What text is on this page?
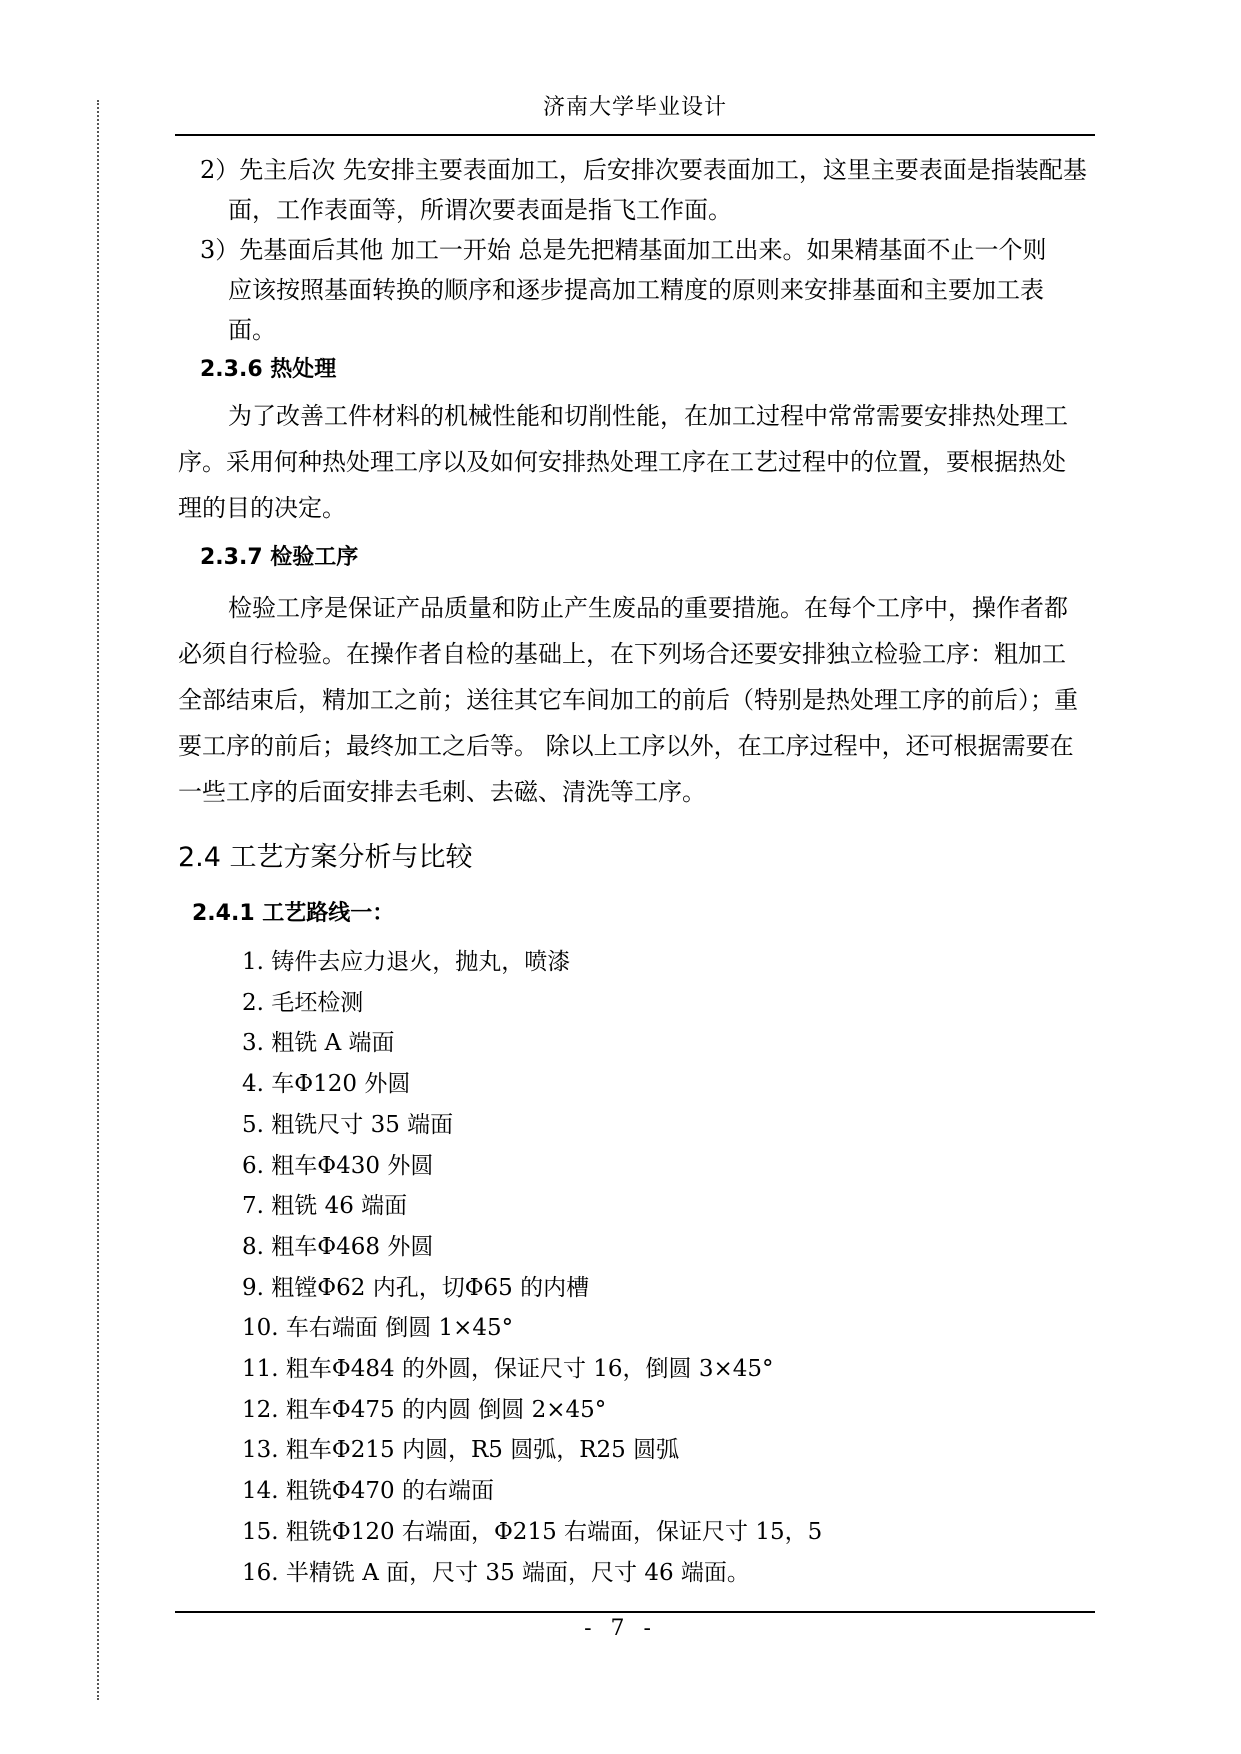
济南大学毕业设计
2）先主后次 先安排主要表面加工，后安排次要表面加工，这里主要表面是指装配基
面，工作表面等，所谓次要表面是指飞工作面。
3）先基面后其他 加工一开始 总是先把精基面加工出来。如果精基面不止一个则
应该按照基面转换的顺序和逐步提高加工精度的原则来安排基面和主要加工表
面。
2.3.6 热处理
为了改善工件材料的机械性能和切削性能，在加工过程中常常需要安排热处理工
序。采用何种热处理工序以及如何安排热处理工序在工艺过程中的位置，要根据热处
理的目的决定。
2.3.7 检验工序
检验工序是保证产品质量和防止产生废品的重要措施。在每个工序中，操作者都
必须自行检验。在操作者自检的基础上，在下列场合还要安排独立检验工序：粗加工
全部结束后，精加工之前；送往其它车间加工的前后（特别是热处理工序的前后）；重
要工序的前后；最终加工之后等。 除以上工序以外，在工序过程中，还可根据需要在
一些工序的后面安排去毛刺、去磁、清洗等工序。
2.4 工艺方案分析与比较
2.4.1 工艺路线一：
1. 铸件去应力退火，抛丸，喷漆
2. 毛坯检测
3. 粗铣 A 端面
4. 车Φ120 外圆
5. 粗铣尺寸 35 端面
6. 粗车Φ430 外圆
7. 粗铣 46 端面
8. 粗车Φ468 外圆
9. 粗镗Φ62 内孔，切Φ65 的内槽
10. 车右端面 倒圆 1×45°
11. 粗车Φ484 的外圆，保证尺寸 16，倒圆 3×45°
12. 粗车Φ475 的内圆 倒圆 2×45°
13. 粗车Φ215 内圆，R5 圆弧，R25 圆弧
14. 粗铣Φ470 的右端面
15. 粗铣Φ120 右端面，Φ215 右端面，保证尺寸 15，5
16. 半精铣 A 面，尺寸 35 端面，尺寸 46 端面。
- 7 -
